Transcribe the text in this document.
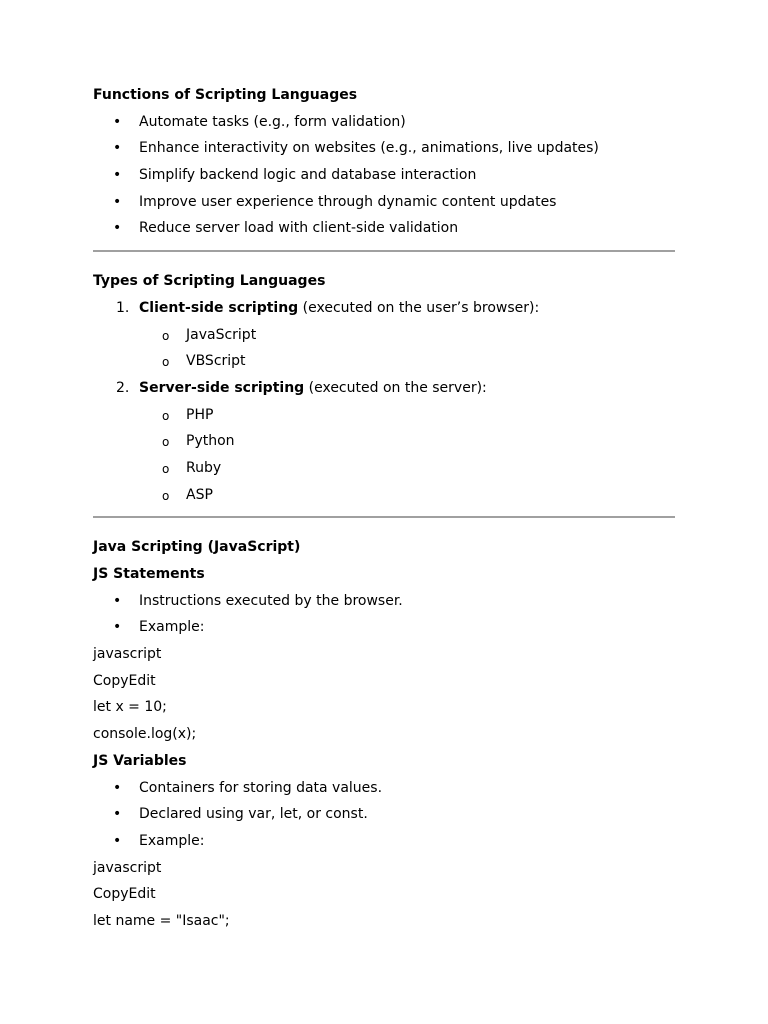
Functions of Scripting Languages
• Automate tasks (e.g., form validation)
• Enhance interactivity on websites (e.g., animations, live updates)
• Simplify backend logic and database interaction
• Improve user experience through dynamic content updates
• Reduce server load with client-side validation
Types of Scripting Languages
1. Client-side scripting (executed on the user’s browser):
o JavaScript
o VBScript
2. Server-side scripting (executed on the server):
o PHP
o Python
o Ruby
o ASP
Java Scripting (JavaScript)
JS Statements
• Instructions executed by the browser.
• Example:
javascript
CopyEdit
let x = 10;
console.log(x);
JS Variables
• Containers for storing data values.
• Declared using var, let, or const.
• Example:
javascript
CopyEdit
let name = "Isaac";
